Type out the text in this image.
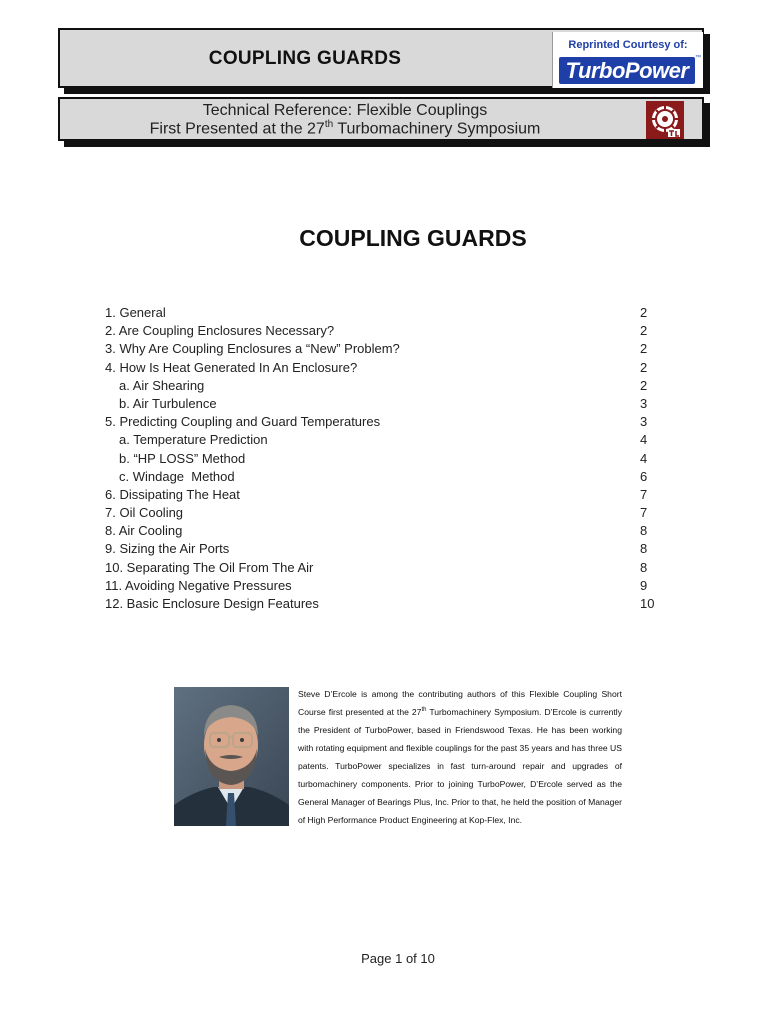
COUPLING GUARDS
Reprinted Courtesy of:
TurboPower	™
Technical Reference: Flexible Couplings
First Presented at the 27th Turbomachinery Symposium
COUPLING GUARDS
1. General	2
2. Are Coupling Enclosures Necessary?	2
3. Why Are Coupling Enclosures a “New” Problem?	2
4. How Is Heat Generated In An Enclosure?	2
a. Air Shearing	2
b. Air Turbulence	3
5. Predicting Coupling and Guard Temperatures	3
a. Temperature Prediction	4
b. “HP LOSS” Method	4
c. Windage  Method	6
6. Dissipating The Heat	7
7. Oil Cooling	7
8. Air Cooling	8
9. Sizing the Air Ports	8
10. Separating The Oil From The Air	8
11. Avoiding Negative Pressures	9
12. Basic Enclosure Design Features	10
Steve D’Ercole is among the contributing authors of this Flexible Coupling Short Course first presented at the 27th Turbomachinery Symposium. D’Ercole is currently the President of TurboPower, based in Friendswood Texas. He has been working with rotating equipment and flexible couplings for the past 35 years and has three US patents. TurboPower specializes in fast turn-around repair and upgrades of turbomachinery components. Prior to joining TurboPower, D’Ercole served as the General Manager of Bearings Plus, Inc. Prior to that, he held the position of Manager of High Performance Product Engineering at Kop-Flex, Inc.
Page 1 of 10
